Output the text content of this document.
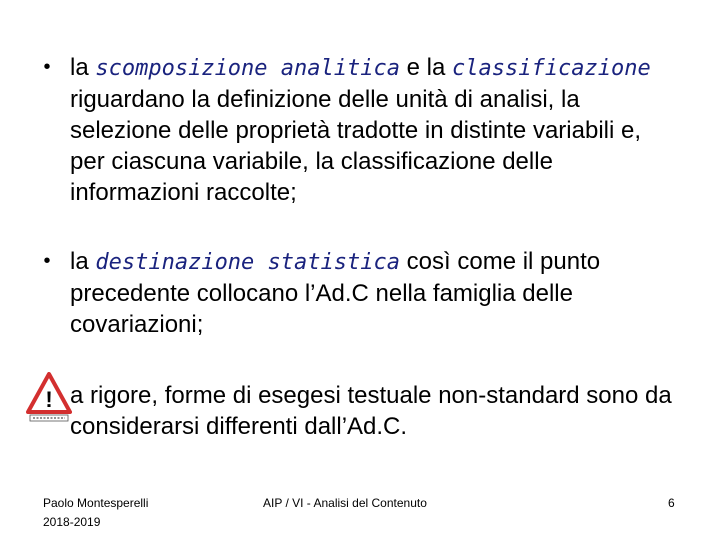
• la scomposizione analitica e la classificazione riguardano la definizione delle unità di analisi, la selezione delle proprietà tradotte in distinte variabili e, per ciascuna variabile, la classificazione delle informazioni raccolte;
• la destinazione statistica così come il punto precedente collocano l’Ad.C nella famiglia delle covariazioni;
a rigore, forme di esegesi testuale non-standard sono da considerarsi differenti dall’Ad.C.
!
Paolo Montesperelli
2018-2019
AIP / VI - Analisi del Contenuto	6
